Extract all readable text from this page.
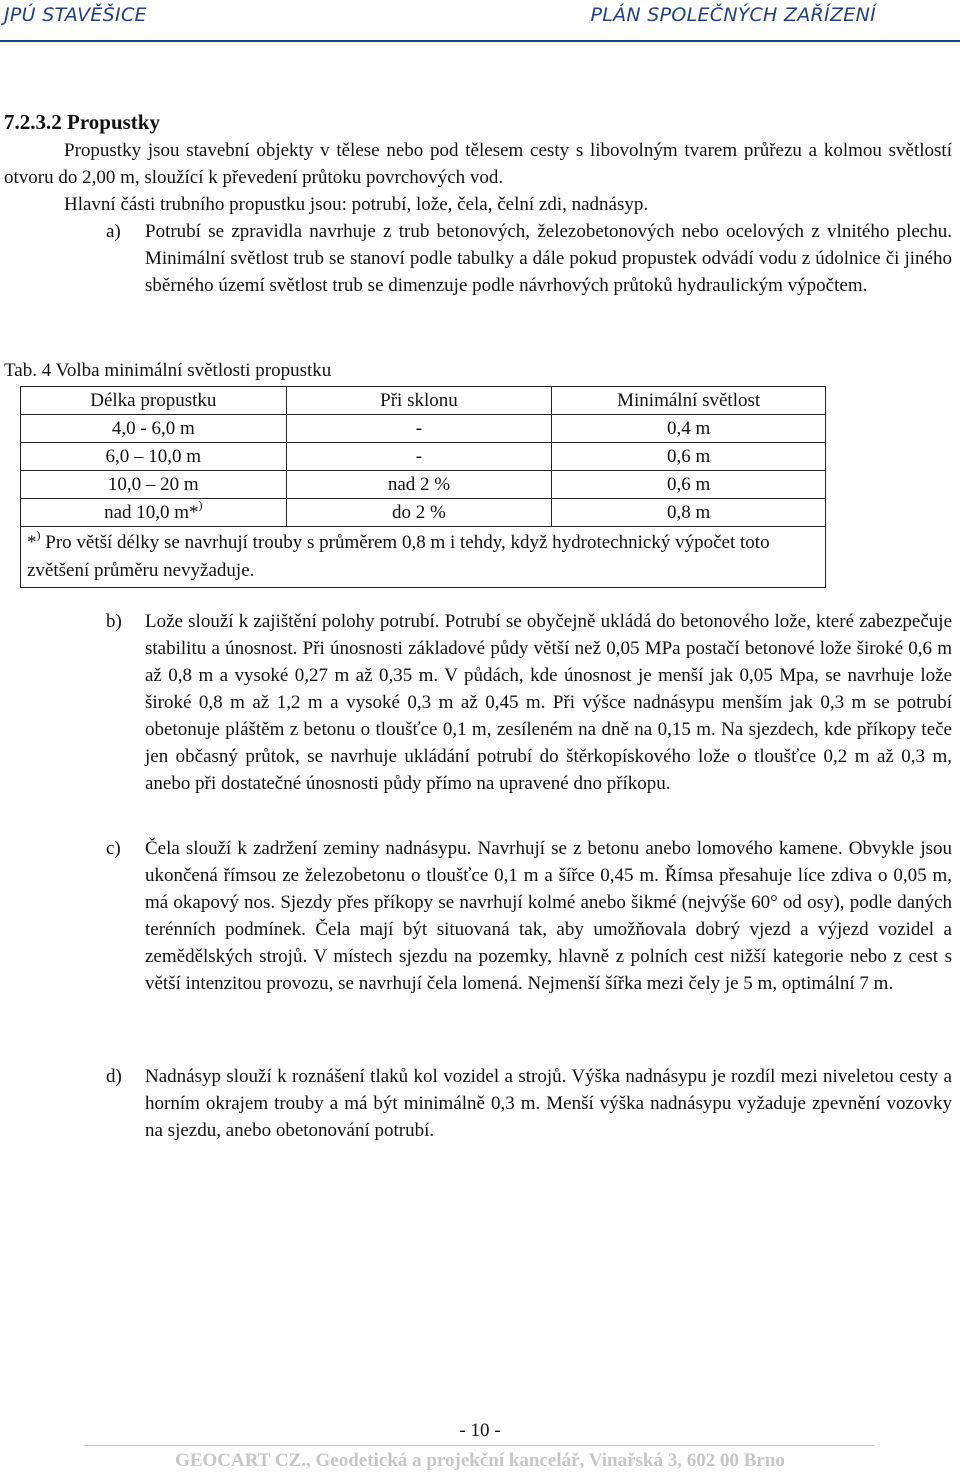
JPÚ STAVĚŠICE	PLÁN SPOLEČNÝCH ZAŘÍZENÍ
7.2.3.2 Propustky
Propustky jsou stavební objekty v tělese nebo pod tělesem cesty s libovolným tvarem průřezu a kolmou světlostí otvoru do 2,00 m, sloužící k převedení průtoku povrchových vod.
Hlavní části trubního propustku jsou: potrubí, lože, čela, čelní zdi, nadnásyp.
a) Potrubí se zpravidla navrhuje z trub betonových, železobetonových nebo ocelových z vlnitého plechu. Minimální světlost trub se stanoví podle tabulky a dále pokud propustek odvádí vodu z údolnice či jiného sběrného území světlost trub se dimenzuje podle návrhových průtoků hydraulickým výpočtem.
Tab. 4 Volba minimální světlosti propustku
Délka propustku	Při sklonu	Minimální světlost
4,0 - 6,0 m	-	0,4 m
6,0 – 10,0 m	-	0,6 m
10,0 – 20 m	nad 2 %	0,6 m
nad 10,0 m*)	do 2 %	0,8 m
*) Pro větší délky se navrhují trouby s průměrem 0,8 m i tehdy, když hydrotechnický výpočet toto zvětšení průměru nevyžaduje.		
b) Lože slouží k zajištění polohy potrubí. Potrubí se obyčejně ukládá do betonového lože, které zabezpečuje stabilitu a únosnost. Při únosnosti základové půdy větší než 0,05 MPa postačí betonové lože široké 0,6 m až 0,8 m a vysoké 0,27 m až 0,35 m. V půdách, kde únosnost je menší jak 0,05 Mpa, se navrhuje lože široké 0,8 m až 1,2 m a vysoké 0,3 m až 0,45 m. Při výšce nadnásypu menším jak 0,3 m se potrubí obetonuje pláštěm z betonu o tloušťce 0,1 m, zesíleném na dně na 0,15 m. Na sjezdech, kde příkopy teče jen občasný průtok, se navrhuje ukládání potrubí do štěrkopískového lože o tloušťce 0,2 m až 0,3 m, anebo při dostatečné únosnosti půdy přímo na upravené dno příkopu.
c) Čela slouží k zadržení zeminy nadnásypu. Navrhují se z betonu anebo lomového kamene. Obvykle jsou ukončená římsou ze železobetonu o tloušťce 0,1 m a šířce 0,45 m. Římsa přesahuje líce zdiva o 0,05 m, má okapový nos. Sjezdy přes příkopy se navrhují kolmé anebo šikmé (nejvýše 60° od osy), podle daných terénních podmínek. Čela mají být situovaná tak, aby umožňovala dobrý vjezd a výjezd vozidel a zemědělských strojů. V místech sjezdu na pozemky, hlavně z polních cest nižší kategorie nebo z cest s větší intenzitou provozu, se navrhují čela lomená. Nejmenší šířka mezi čely je 5 m, optimální 7 m.
d) Nadnásyp slouží k roznášení tlaků kol vozidel a strojů. Výška nadnásypu je rozdíl mezi niveletou cesty a horním okrajem trouby a má být minimálně 0,3 m. Menší výška nadnásypu vyžaduje zpevnění vozovky na sjezdu, anebo obetonování potrubí.
- 10 -
GEOCART CZ., Geodetická a projekční kancelář, Vinařská 3, 602 00 Brno
